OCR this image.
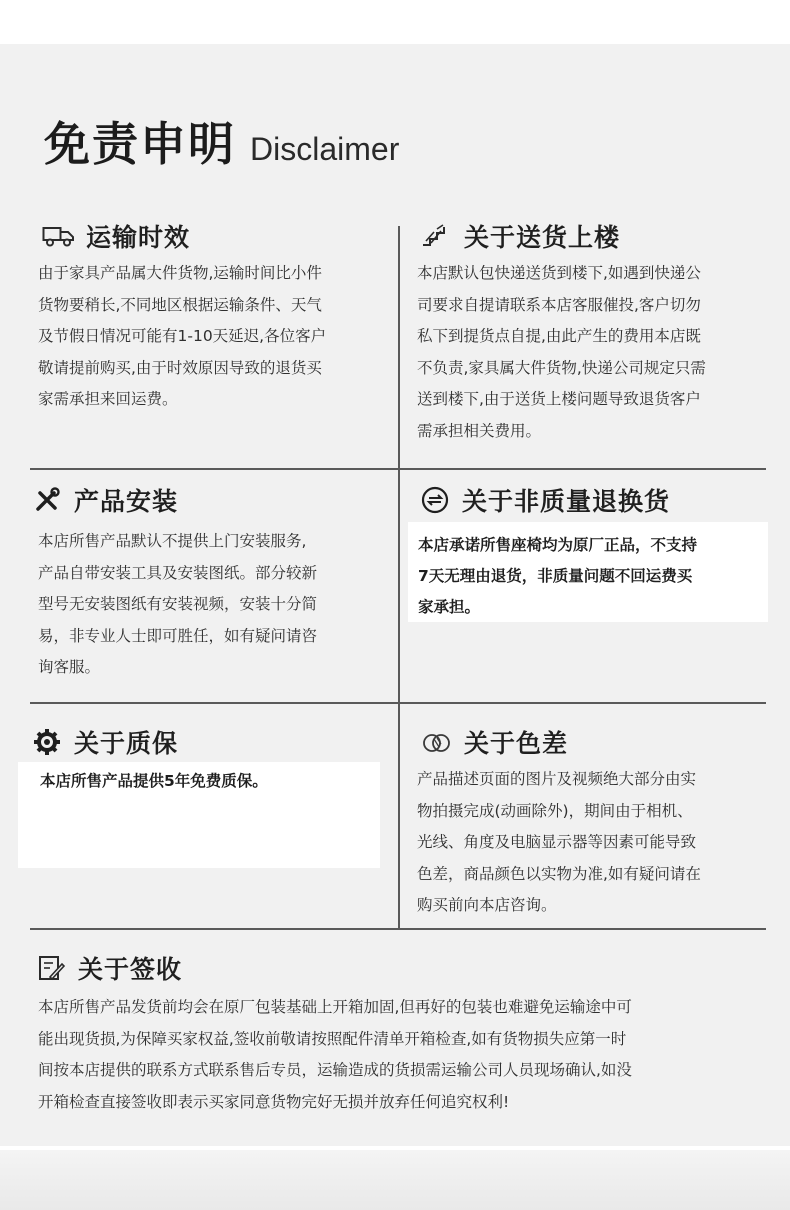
免责申明 Disclaimer
运输时效

由于家具产品属大件货物,运输时间比小件

货物要稍长,不同地区根据运输条件、天气

及节假日情况可能有1-10天延迟,各位客户

敬请提前购买,由于时效原因导致的退货买

家需承担来回运费。

关于送货上楼

本店默认包快递送货到楼下,如遇到快递公

司要求自提请联系本店客服催投,客户切勿

私下到提货点自提,由此产生的费用本店既

不负责,家具属大件货物,快递公司规定只需

送到楼下,由于送货上楼问题导致退货客户

需承担相关费用。

产品安装

本店所售产品默认不提供上门安装服务,

产品自带安装工具及安装图纸。部分较新

型号无安装图纸有安装视频，安装十分简

易，非专业人士即可胜任，如有疑问请咨

询客服。

关于非质量退换货

本店承诺所售座椅均为原厂正品，不支持

7天无理由退货，非质量问题不回运费买

家承担。

关于质保

本店所售产品提供5年免费质保。

关于色差

产品描述页面的图片及视频绝大部分由实

物拍摄完成(动画除外)，期间由于相机、

光线、角度及电脑显示器等因素可能导致

色差，商品颜色以实物为准,如有疑问请在

购买前向本店咨询。

关于签收

本店所售产品发货前均会在原厂包装基础上开箱加固,但再好的包装也难避免运输途中可

能出现货损,为保障买家权益,签收前敬请按照配件清单开箱检查,如有货物损失应第一时

间按本店提供的联系方式联系售后专员，运输造成的货损需运输公司人员现场确认,如没

开箱检查直接签收即表示买家同意货物完好无损并放弃任何追究权利!
